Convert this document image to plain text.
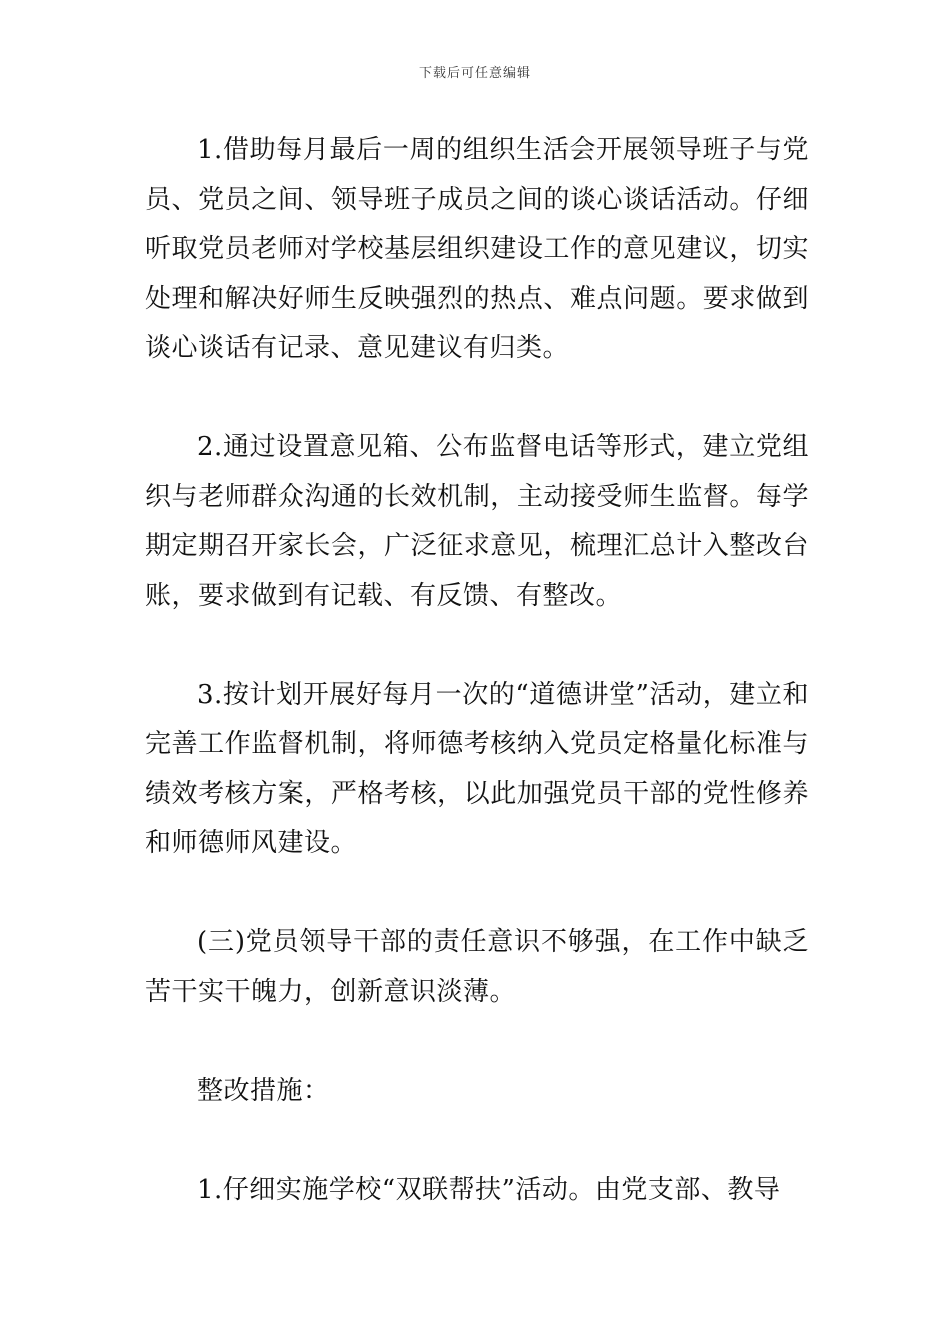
下载后可任意编辑

1.借助每月最后一周的组织生活会开展领导班子与党员、党员之间、领导班子成员之间的谈心谈话活动。仔细听取党员老师对学校基层组织建设工作的意见建议，切实处理和解决好师生反映强烈的热点、难点问题。要求做到谈心谈话有记录、意见建议有归类。

2.通过设置意见箱、公布监督电话等形式，建立党组织与老师群众沟通的长效机制，主动接受师生监督。每学期定期召开家长会，广泛征求意见，梳理汇总计入整改台账，要求做到有记载、有反馈、有整改。

3.按计划开展好每月一次的“道德讲堂”活动，建立和完善工作监督机制，将师德考核纳入党员定格量化标准与绩效考核方案，严格考核，以此加强党员干部的党性修养和师德师风建设。

(三)党员领导干部的责任意识不够强，在工作中缺乏苦干实干魄力，创新意识淡薄。

整改措施：

1.仔细实施学校“双联帮扶”活动。由党支部、教导
